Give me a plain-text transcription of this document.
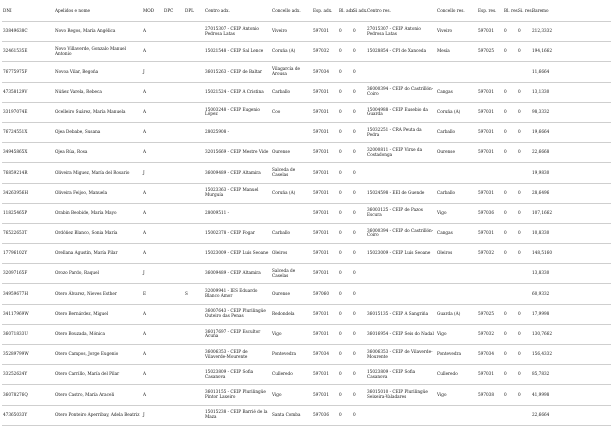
DNI	Apelidos e nome	MOD	DPC	DPL	Centro adx.	Concello adx.	Esp. adx.	Bl. adx.	Si adx.	Centro res.	Concello res.	Esp. res.	Bl. res.	Si. res.	Baremo
33849638C	Novo Regos, María Angélica	A			27015307 - CEIP Antonio Pedrosa Latas	Viveiro	597031	0	0	27015307 - CEIP Antonio Pedrosa Latas	Viveiro	597031	0	0	212,3332
32461535E	Novo Villaverde, Gonzalo Manuel Antonio	A			15021548 - CEIP Sal Lence	Coruña (A)	597032	0	0	15028854 - CPI de Xanceda	Mesía	597025	0	0	194,1662
76775975F	Novoa Vilar, Begoña	J			36015263 - CEIP de Baltar	Vilagarcía de Arousa	597034	0	0						11,6664
47358129V	Núñez Varela, Rebeca	A			15021524 - CEIP A Cristina	Carballo	597031	0	0	36000394 - CEIP do Castrillón-Coiro	Cangas	597031	0	0	13,1330
33197074E	Ocelleiro Suárez, María Manuela	A			15003248 - CEIP Eugenio López	Coo	597031	0	0	15004988 - CEIP Eusebio da Guarda	Coruña (A)	597031	0	0	98,3332
76724551X	Ojea Debabe, Susana	A			28025908 -		597031	0	0	15032251 - CRA Peuta da Pedra	Carballo	597031	0	0	19,6664
34945865X	Ojea Rúa, Rosa	A			32015669 - CEIP Mestre Vide	Ourense	597031	0	0	32000811 - CEIP Virxe da Costadonga	Ourense	597031	0	0	22,6668
76859214R	Oliveira Miguez, María del Rosario	J			36009489 - CEIP Altamira	Salceda de Caselas	597031	0	0						19,9830
34263956H	Oliveira Feijoo, Manuela	A			15023363 - CEIP Manuel Murguía	Coruña (A)	597031	0	0	15024598 - EEI de Guende	Carballo	597031	0	0	28,6496
11825465P	Orabin Beobide, María Mayo	A			28009511 -		597031	0	0	36003125 - CEIP de Pazos Escura	Vigo	597036	0	0	107,1662
76522653T	Ordóñez Blanco, Sonia María	A			15002378 - CEIP Fogar	Carballo	597031	0	0	36000394 - CEIP do Castrillón-Coiro	Cangas	597031	0	0	10,8330
17796102Y	Orellana Agustín, María Pilar	A			15023009 - CEIP Luís Seoane	Oleiros	597031	0	0	15023009 - CEIP Luís Seoane	Oleiros	597032	0	0	148,5160
32097165F	Orozo Pardo, Raquel	J			36009489 - CEIP Altamira	Salceda de Caselas	597031	0	0						13,8330
34959677H	Otero Álvarez, Nieves Esther	E		S	32009941 - IES Eduardo Blanco Amor	Ourense	597060	0	0						60,9332
34117969W	Otero Bernárdez, Miguel	A			36007643 - CEIP Plurilingüe Outeiro das Penas	Redondela	597031	0	0	36015135 - CEIP A Sangriña	Guarda (A)	597025	0	0	17,9998
36071833U	Otero Bouzada, Mónica	A			36017697 - CEIP Escultor Acuña	Vigo	597031	0	0	36016954 - CEIP Seis do Nadal	Vigo	597032	0	0	130,7662
35289799W	Otero Campos, Jorge Eugenio	A			36006353 - CEIP de Vilaverde-Mourente	Pontevedra	597034	0	0	36006353 - CEIP de Vilaverde-Mourente	Pontevedra	597034	0	0	156,4332
33252624Y	Otero Carrillo, María del Pilar	A			15023809 - CEIP Sofia Casanova	Culleredo	597031	0	0	15023809 - CEIP Sofia Casanova	Culleredo	597031	0	0	85,7832
36078276Q	Otero Castro, María Araceli	A			36013155 - CEIP Plurilingüe Pintor Laxeiro	Vigo	597031	0	0	36015010 - CEIP Plurilingüe Seixeira-Valadares	Vigo	597038	0	0	41,9998
47365033Y	Otero Ponteiro Aperribay, Adela Beatriz	J			15015238 - CEIP Barrié de la Maza	Santa Comba	597036	0	0						22,6664
